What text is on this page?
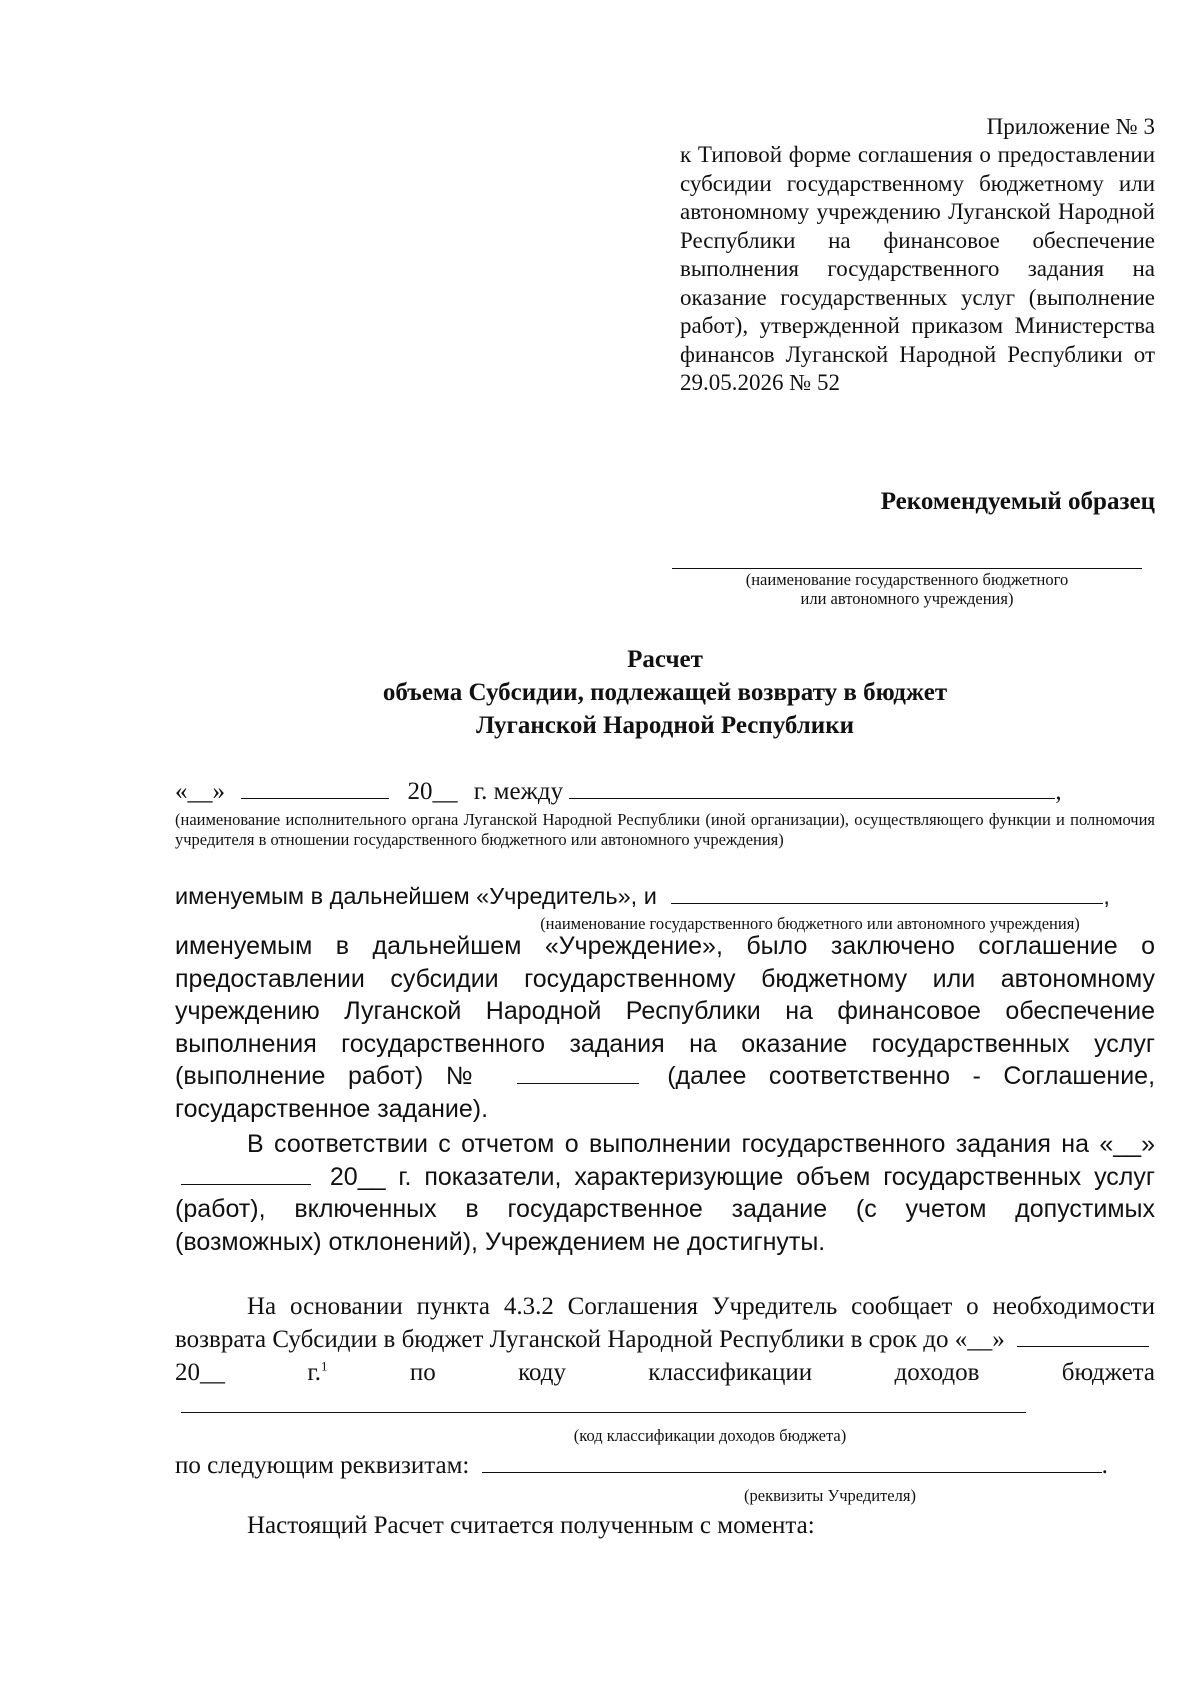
Приложение № 3
к Типовой форме соглашения о предоставлении субсидии государственному бюджетному или автономному учреждению Луганской Народной Республики на финансовое обеспечение выполнения государственного задания на оказание государственных услуг (выполнение работ), утвержденной приказом Министерства финансов Луганской Народной Республики от 29.05.2026 № 52
Рекомендуемый образец
(наименование государственного бюджетного
или автономного учреждения)
Расчет
объема Субсидии, подлежащей возврату в бюджет
Луганской Народной Республики
«__»	20__ г. между	,
(наименование исполнительного органа Луганской Народной Республики (иной организации), осуществляющего функции и полномочия учредителя в отношении государственного бюджетного или автономного учреждения)
именуемым в дальнейшем «Учредитель», и	,
(наименование государственного бюджетного или автономного учреждения)
именуемым в дальнейшем «Учреждение», было заключено соглашение о предоставлении субсидии государственному бюджетному или автономному учреждению Луганской Народной Республики на финансовое обеспечение выполнения государственного задания на оказание государственных услуг (выполнение работ) №	(далее соответственно - Соглашение, государственное задание).
В соответствии с отчетом о выполнении государственного задания на «__»  20__ г. показатели, характеризующие объем государственных услуг (работ), включенных в государственное задание (с учетом допустимых (возможных) отклонений), Учреждением не достигнуты.
На основании пункта 4.3.2 Соглашения Учредитель сообщает о необходимости возврата Субсидии в бюджет Луганской Народной Республики в срок до «__»  20__ г.$^1$	по коду классификации доходов бюджета
(код классификации доходов бюджета)
по следующим реквизитам:	.
(реквизиты Учредителя)
Настоящий Расчет считается полученным с момента:
